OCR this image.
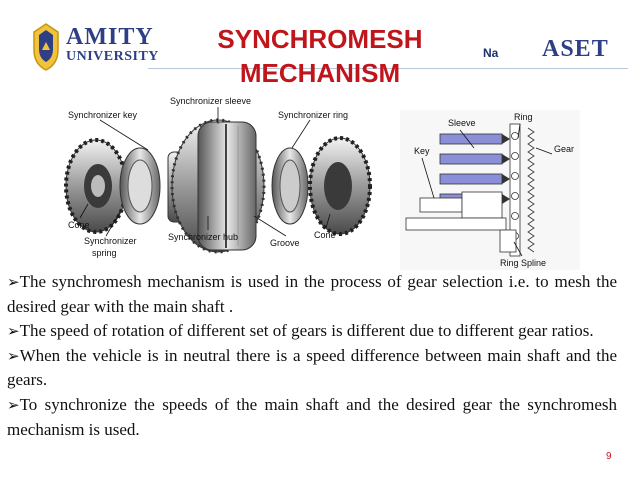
AMITY
UNIVERSITY
SYNCHROMESH
MECHANISM
Na ASET
Synchronizer sleeve
Synchronizer key	Synchronizer ring
Cone
Synchronizer
spring
Synchronizer hub
Groove
Cone
Sleeve
Ring
Gear
Key
Ring Spline

➢The synchromesh mechanism is used in the process of gear selection i.e. to mesh the desired gear with the main shaft .

➢The speed of rotation of different set of gears is different due to different gear ratios.

➢When the vehicle is in neutral there is a speed difference between main shaft and the gears.

➢To synchronize the speeds of the main shaft and the desired gear the synchromesh mechanism is used.

9
